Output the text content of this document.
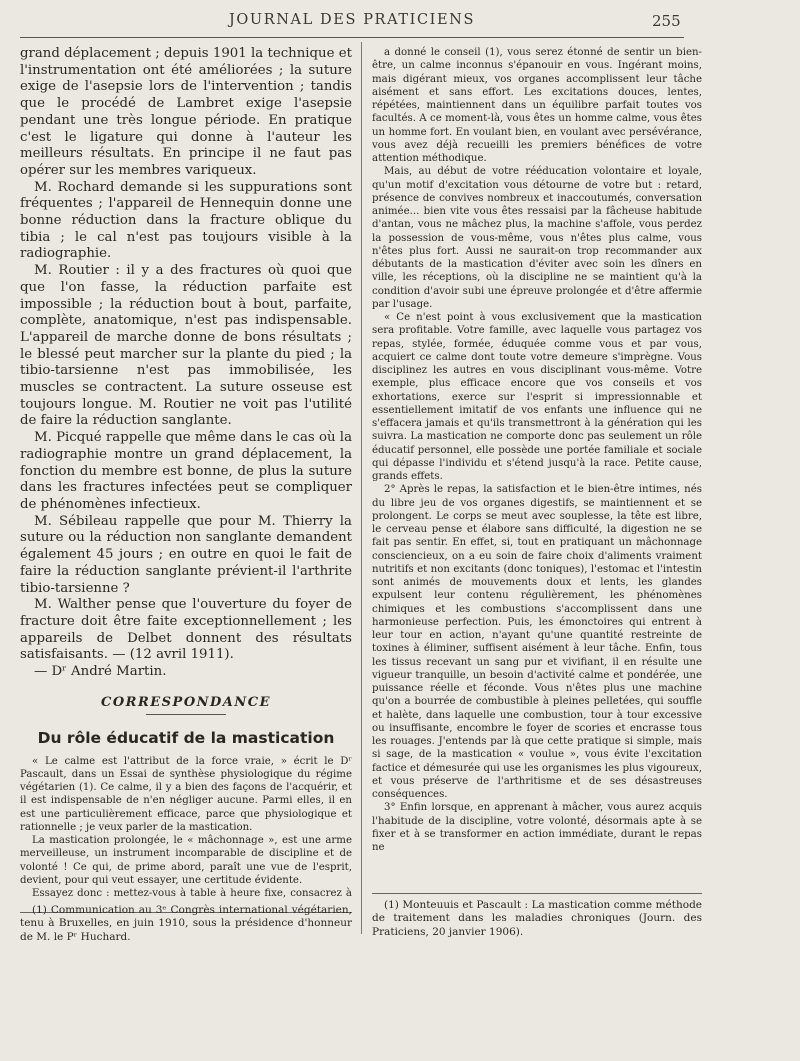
JOURNAL DES PRATICIENS	255

grand déplacement ; depuis 1901 la technique et l'instrumentation ont été améliorées ; la suture exige de l'asepsie lors de l'intervention ; tandis que le procédé de Lambret exige l'asepsie pendant une très longue période. En pratique c'est le ligature qui donne à l'auteur les meilleurs résultats. En principe il ne faut pas opérer sur les membres variqueux.

M. Rochard demande si les suppurations sont fréquentes ; l'appareil de Hennequin donne une bonne réduction dans la fracture oblique du tibia ; le cal n'est pas toujours visible à la radiographie.

M. Routier : il y a des fractures où quoi que que l'on fasse, la réduction parfaite est impossible ; la réduction bout à bout, parfaite, complète, anatomique, n'est pas indispensable. L'appareil de marche donne de bons résultats ; le blessé peut marcher sur la plante du pied ; la tibio-tarsienne n'est pas immobilisée, les muscles se contractent. La suture osseuse est toujours longue. M. Routier ne voit pas l'utilité de faire la réduction sanglante.

M. Picqué rappelle que même dans le cas où la radiographie montre un grand déplacement, la fonction du membre est bonne, de plus la suture dans les fractures infectées peut se compliquer de phénomènes infectieux.

M. Sébileau rappelle que pour M. Thierry la suture ou la réduction non sanglante demandent également 45 jours ; en outre en quoi le fait de faire la réduction sanglante prévient-il l'arthrite tibio-tarsienne ?

M. Walther pense que l'ouverture du foyer de fracture doit être faite exceptionnellement ; les appareils de Delbet donnent des résultats satisfaisants. — (12 avril 1911).

— Dʳ André Martin.

CORRESPONDANCE
Du rôle éducatif de la mastication

« Le calme est l'attribut de la force vraie, » écrit le Dʳ Pascault, dans un Essai de synthèse physiologique du régime végétarien (1). Ce calme, il y a bien des façons de l'acquérir, et il est indispensable de n'en négliger aucune. Parmi elles, il en est une particulièrement efficace, parce que physiologique et rationnelle ; je veux parler de la mastication.

La mastication prolongée, le « mâchonnage », est une arme merveilleuse, un instrument incomparable de discipline et de volonté ! Ce qui, de prime abord, paraît une vue de l'esprit, devient, pour qui veut essayer, une certitude évidente.

Essayez donc : mettez-vous à table à heure fixe, consacrez à

(1) Communication au 3ᵉ Congrès international végétarien, tenu à Bruxelles, en juin 1910, sous la présidence d'honneur de M. le Pʳ Huchard.

a donné le conseil (1), vous serez étonné de sentir un bien-être, un calme inconnus s'épanouir en vous. Ingérant moins, mais digérant mieux, vos organes accomplissent leur tâche aisément et sans effort. Les excitations douces, lentes, répétées, maintiennent dans un équilibre parfait toutes vos facultés. A ce moment-là, vous êtes un homme calme, vous êtes un homme fort. En voulant bien, en voulant avec persévérance, vous avez déjà recueilli les premiers bénéfices de votre attention méthodique.

Mais, au début de votre rééducation volontaire et loyale, qu'un motif d'excitation vous détourne de votre but : retard, présence de convives nombreux et inaccoutumés, conversation animée... bien vite vous êtes ressaisi par la fâcheuse habitude d'antan, vous ne mâchez plus, la machine s'affole, vous perdez la possession de vous-même, vous n'êtes plus calme, vous n'êtes plus fort. Aussi ne saurait-on trop recommander aux débutants de la mastication d'éviter avec soin les dîners en ville, les réceptions, où la discipline ne se maintient qu'à la condition d'avoir subi une épreuve prolongée et d'être affermie par l'usage.

« Ce n'est point à vous exclusivement que la mastication sera profitable. Votre famille, avec laquelle vous partagez vos repas, stylée, formée, éduquée comme vous et par vous, acquiert ce calme dont toute votre demeure s'imprègne. Vous disciplinez les autres en vous disciplinant vous-même. Votre exemple, plus efficace encore que vos conseils et vos exhortations, exerce sur l'esprit si impressionnable et essentiellement imitatif de vos enfants une influence qui ne s'effacera jamais et qu'ils transmettront à la génération qui les suivra. La mastication ne comporte donc pas seulement un rôle éducatif personnel, elle possède une portée familiale et sociale qui dépasse l'individu et s'étend jusqu'à la race. Petite cause, grands effets.

2° Après le repas, la satisfaction et le bien-être intimes, nés du libre jeu de vos organes digestifs, se maintiennent et se prolongent. Le corps se meut avec souplesse, la tête est libre, le cerveau pense et élabore sans difficulté, la digestion ne se fait pas sentir. En effet, si, tout en pratiquant un mâchonnage consciencieux, on a eu soin de faire choix d'aliments vraiment nutritifs et non excitants (donc toniques), l'estomac et l'intestin sont animés de mouvements doux et lents, les glandes expulsent leur contenu régulièrement, les phénomènes chimiques et les combustions s'accomplissent dans une harmonieuse perfection. Puis, les émonctoires qui entrent à leur tour en action, n'ayant qu'une quantité restreinte de toxines à éliminer, suffisent aisément à leur tâche. Enfin, tous les tissus recevant un sang pur et vivifiant, il en résulte une vigueur tranquille, un besoin d'activité calme et pondérée, une puissance réelle et féconde. Vous n'êtes plus une machine qu'on a bourrée de combustible à pleines pelletées, qui souffle et halète, dans laquelle une combustion, tour à tour excessive ou insuffisante, encombre le foyer de scories et encrasse tous les rouages. J'entends par là que cette pratique si simple, mais si sage, de la mastication « voulue », vous évite l'excitation factice et démesurée qui use les organismes les plus vigoureux, et vous préserve de l'arthritisme et de ses désastreuses conséquences.

3° Enfin lorsque, en apprenant à mâcher, vous aurez acquis l'habitude de la discipline, votre volonté, désormais apte à se fixer et à se transformer en action immédiate, durant le repas ne

(1) Monteuuis et Pascault : La mastication comme méthode de traitement dans les maladies chroniques (Journ. des Praticiens, 20 janvier 1906).
